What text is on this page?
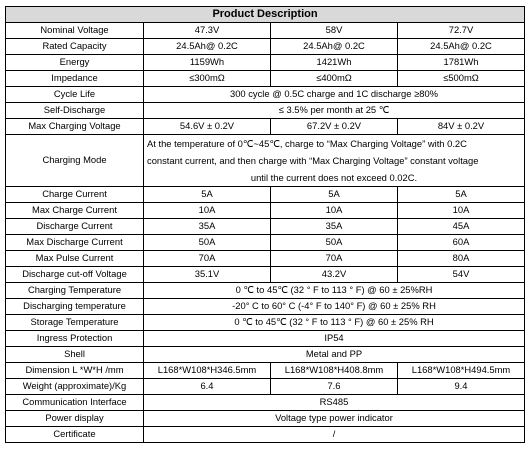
Product Description			
Nominal Voltage	47.3V	58V	72.7V
Rated Capacity	24.5Ah@ 0.2C	24.5Ah@ 0.2C	24.5Ah@ 0.2C
Energy	1159Wh	1421Wh	1781Wh
Impedance	≤300mΩ	≤400mΩ	≤500mΩ
Cycle Life	300 cycle @ 0.5C charge and 1C discharge ≥80%		
Self-Discharge	≤ 3.5% per month at 25 ℃		
Max Charging Voltage	54.6V ± 0.2V	67.2V ± 0.2V	84V ± 0.2V
Charging Mode	At the temperature of 0℃~45℃, charge to “Max Charging Voltage” with 0.2C
constant current, and then charge with “Max Charging Voltage” constant voltage
until the current does not exceed 0.02C.		

Charge Current	5A	5A	5A
Max Charge Current	10A	10A	10A
Discharge Current	35A	35A	45A
Max Discharge Current	50A	50A	60A
Max Pulse Current	70A	70A	80A
Discharge cut-off Voltage	35.1V	43.2V	54V
Charging Temperature	0 ℃ to 45℃ (32 ° F to 113 ° F) @ 60 ± 25%RH		
Discharging temperature	-20° C to 60° C (-4° F to 140° F) @ 60 ± 25% RH		
Storage Temperature	0 ℃ to 45℃ (32 ° F to 113 ° F) @ 60 ± 25% RH		
Ingress Protection	IP54		
Shell	Metal and PP		
Dimension L *W*H /mm	L168*W108*H346.5mm	L168*W108*H408.8mm	L168*W108*H494.5mm
Weight (approximate)/Kg	6.4	7.6	9.4
Communication Interface	RS485		
Power display	Voltage type power indicator		
Certificate	/		
